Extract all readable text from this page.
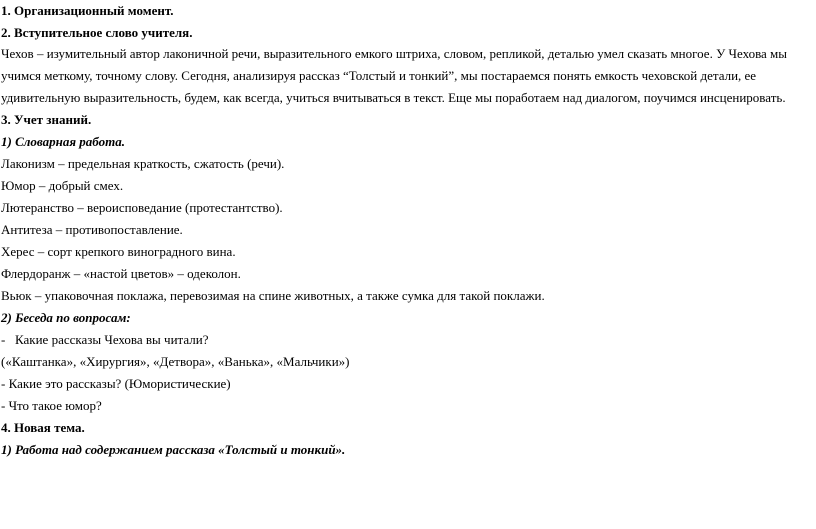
1. Организационный момент.
2. Вступительное слово учителя.
Чехов – изумительный автор лаконичной речи, выразительного емкого штриха, словом, репликой, деталью умел сказать многое. У Чехова мы учимся меткому, точному слову. Сегодня, анализируя рассказ “Толстый и тонкий”, мы постараемся понять емкость чеховской детали, ее удивительную выразительность, будем, как всегда, учиться вчитываться в текст. Еще мы поработаем над диалогом, поучимся инсценировать.
3. Учет знаний.
1) Словарная работа.
Лаконизм – предельная краткость, сжатость (речи).
Юмор – добрый смех.
Лютеранство – вероисповедание (протестантство).
Антитеза – противопоставление.
Херес – сорт крепкого виноградного вина.
Флердоранж – «настой цветов» – одеколон.
Вьюк – упаковочная поклажа, перевозимая на спине животных, а также сумка для такой поклажи.
2) Беседа по вопросам:
- Какие рассказы Чехова вы читали?
(«Каштанка», «Хирургия», «Детвора», «Ванька», «Мальчики»)
- Какие это рассказы? (Юмористические)
- Что такое юмор?
4. Новая тема.
1) Работа над содержанием рассказа «Толстый и тонкий».
